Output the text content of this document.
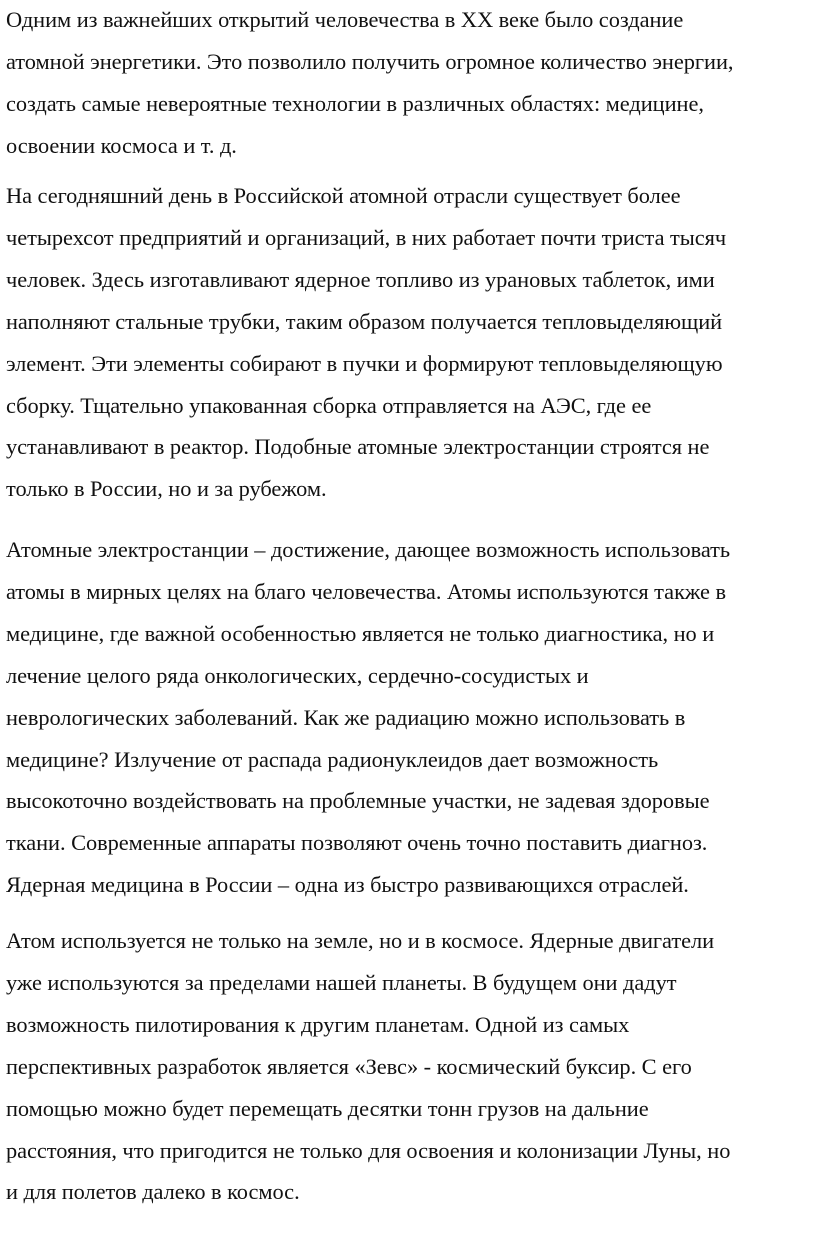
Одним из важнейших открытий человечества в ХХ веке было создание
атомной энергетики. Это позволило получить огромное количество энергии,
создать самые невероятные технологии в различных областях: медицине,
освоении космоса и т. д.

На сегодняшний день в Российской атомной отрасли существует более
четырехсот предприятий и организаций, в них работает почти триста тысяч
человек. Здесь изготавливают ядерное топливо из урановых таблеток, ими
наполняют стальные трубки, таким образом получается тепловыделяющий
элемент. Эти элементы собирают в пучки и формируют тепловыделяющую
сборку. Тщательно упакованная сборка отправляется на АЭС, где ее
устанавливают в реактор. Подобные атомные электростанции строятся не
только в России, но и за рубежом.

Атомные электростанции – достижение, дающее возможность использовать
атомы в мирных целях на благо человечества. Атомы используются также в
медицине, где важной особенностью является не только диагностика, но и
лечение целого ряда онкологических, сердечно-сосудистых и
неврологических заболеваний. Как же радиацию можно использовать в
медицине? Излучение от распада радионуклеидов дает возможность
высокоточно воздействовать на проблемные участки, не задевая здоровые
ткани. Современные аппараты позволяют очень точно поставить диагноз.
Ядерная медицина в России – одна из быстро развивающихся отраслей.

Атом используется не только на земле, но и в космосе. Ядерные двигатели
уже используются за пределами нашей планеты. В будущем они дадут
возможность пилотирования к другим планетам. Одной из самых
перспективных разработок является «Зевс» - космический буксир. С его
помощью можно будет перемещать десятки тонн грузов на дальние
расстояния, что пригодится не только для освоения и колонизации Луны, но
и для полетов далеко в космос.
